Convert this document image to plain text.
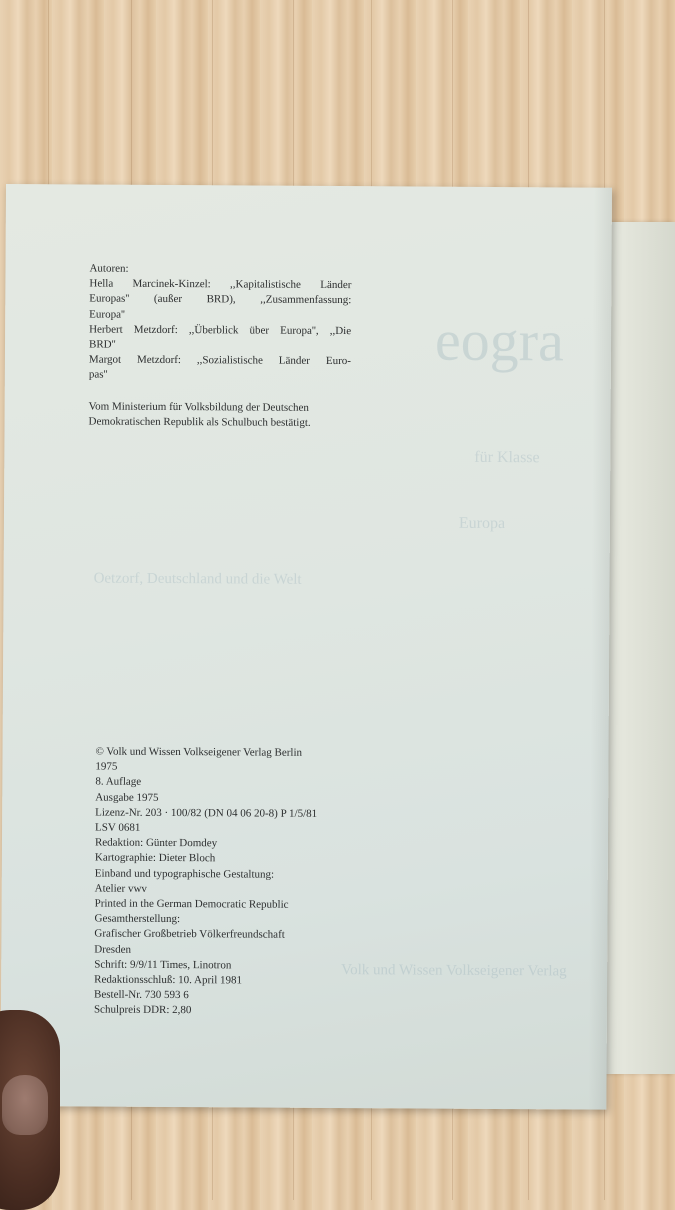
eogra
für Klasse
Europa
Oetzorf, Deutschland und die Welt
Volk und Wissen Volkseigener Verlag
Autoren:
Hella Marcinek-Kinzel: ,,Kapitalistische Länder
Europas'' (außer BRD), ,,Zusammenfassung:
Europa''
Herbert Metzdorf: ,,Überblick über Europa'', ,,Die
BRD''
Margot Metzdorf: ,,Sozialistische Länder Euro-
pas''
Vom Ministerium für Volksbildung der Deutschen
Demokratischen Republik als Schulbuch bestätigt.
© Volk und Wissen Volkseigener Verlag Berlin
1975
8. Auflage
Ausgabe 1975
Lizenz-Nr. 203 · 100/82 (DN 04 06 20-8) P 1/5/81
LSV 0681
Redaktion: Günter Domdey
Kartographie: Dieter Bloch
Einband und typographische Gestaltung:
Atelier vwv
Printed in the German Democratic Republic
Gesamtherstellung:
Grafischer Großbetrieb Völkerfreundschaft
Dresden
Schrift: 9/9/11 Times, Linotron
Redaktionsschluß: 10. April 1981
Bestell-Nr. 730 593 6
Schulpreis DDR: 2,80
